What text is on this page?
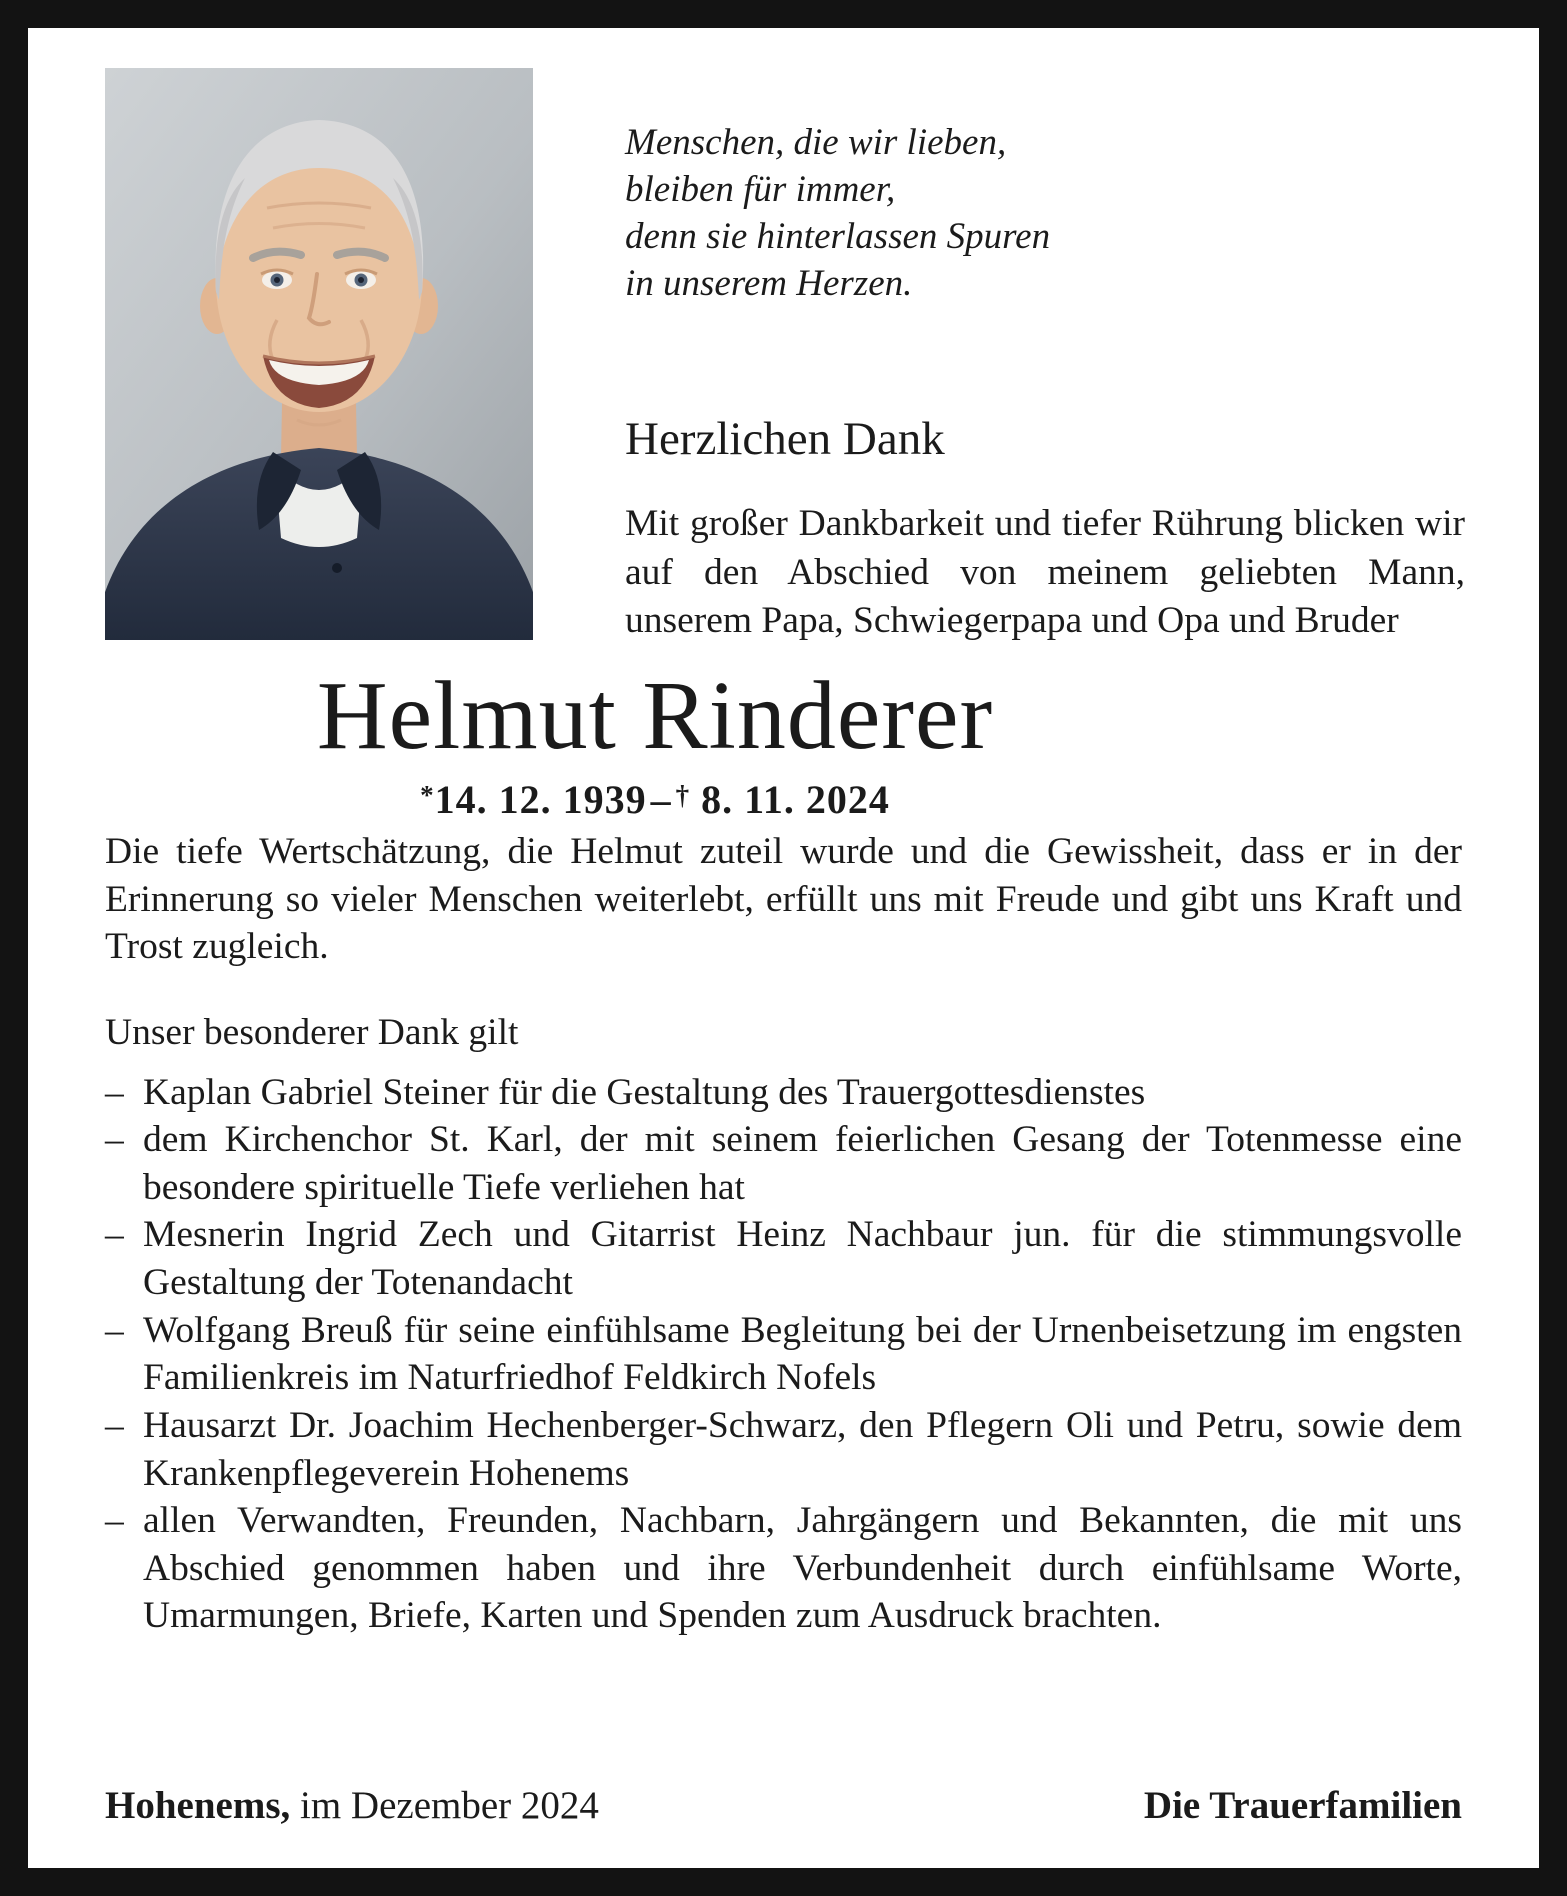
Menschen, die wir lieben,
bleiben für immer,
denn sie hinterlassen Spuren
in unserem Herzen.
Herzlichen Dank
Mit großer Dankbarkeit und tiefer Rührung blicken wir auf den Abschied von meinem geliebten Mann, unserem Papa, Schwiegerpapa und Opa und Bruder
Helmut Rinderer
*14. 12. 1939 – † 8. 11. 2024
Die tiefe Wertschätzung, die Helmut zuteil wurde und die Gewissheit, dass er in der Erinnerung so vieler Menschen weiterlebt, erfüllt uns mit Freude und gibt uns Kraft und Trost zugleich.
Unser besonderer Dank gilt
– Kaplan Gabriel Steiner für die Gestaltung des Trauergottesdienstes
– dem Kirchenchor St. Karl, der mit seinem feierlichen Gesang der Totenmesse eine besondere spirituelle Tiefe verliehen hat
– Mesnerin Ingrid Zech und Gitarrist Heinz Nachbaur jun. für die stimmungsvolle Gestaltung der Totenandacht
– Wolfgang Breuß für seine einfühlsame Begleitung bei der Urnenbeisetzung im engsten Familienkreis im Naturfriedhof Feldkirch Nofels
– Hausarzt Dr. Joachim Hechenberger-Schwarz, den Pflegern Oli und Petru, sowie dem Krankenpflegeverein Hohenems
– allen Verwandten, Freunden, Nachbarn, Jahrgängern und Bekannten, die mit uns Abschied genommen haben und ihre Verbundenheit durch einfühlsame Worte, Umarmungen, Briefe, Karten und Spenden zum Ausdruck brachten.
Hohenems, im Dezember 2024	Die Trauerfamilien
